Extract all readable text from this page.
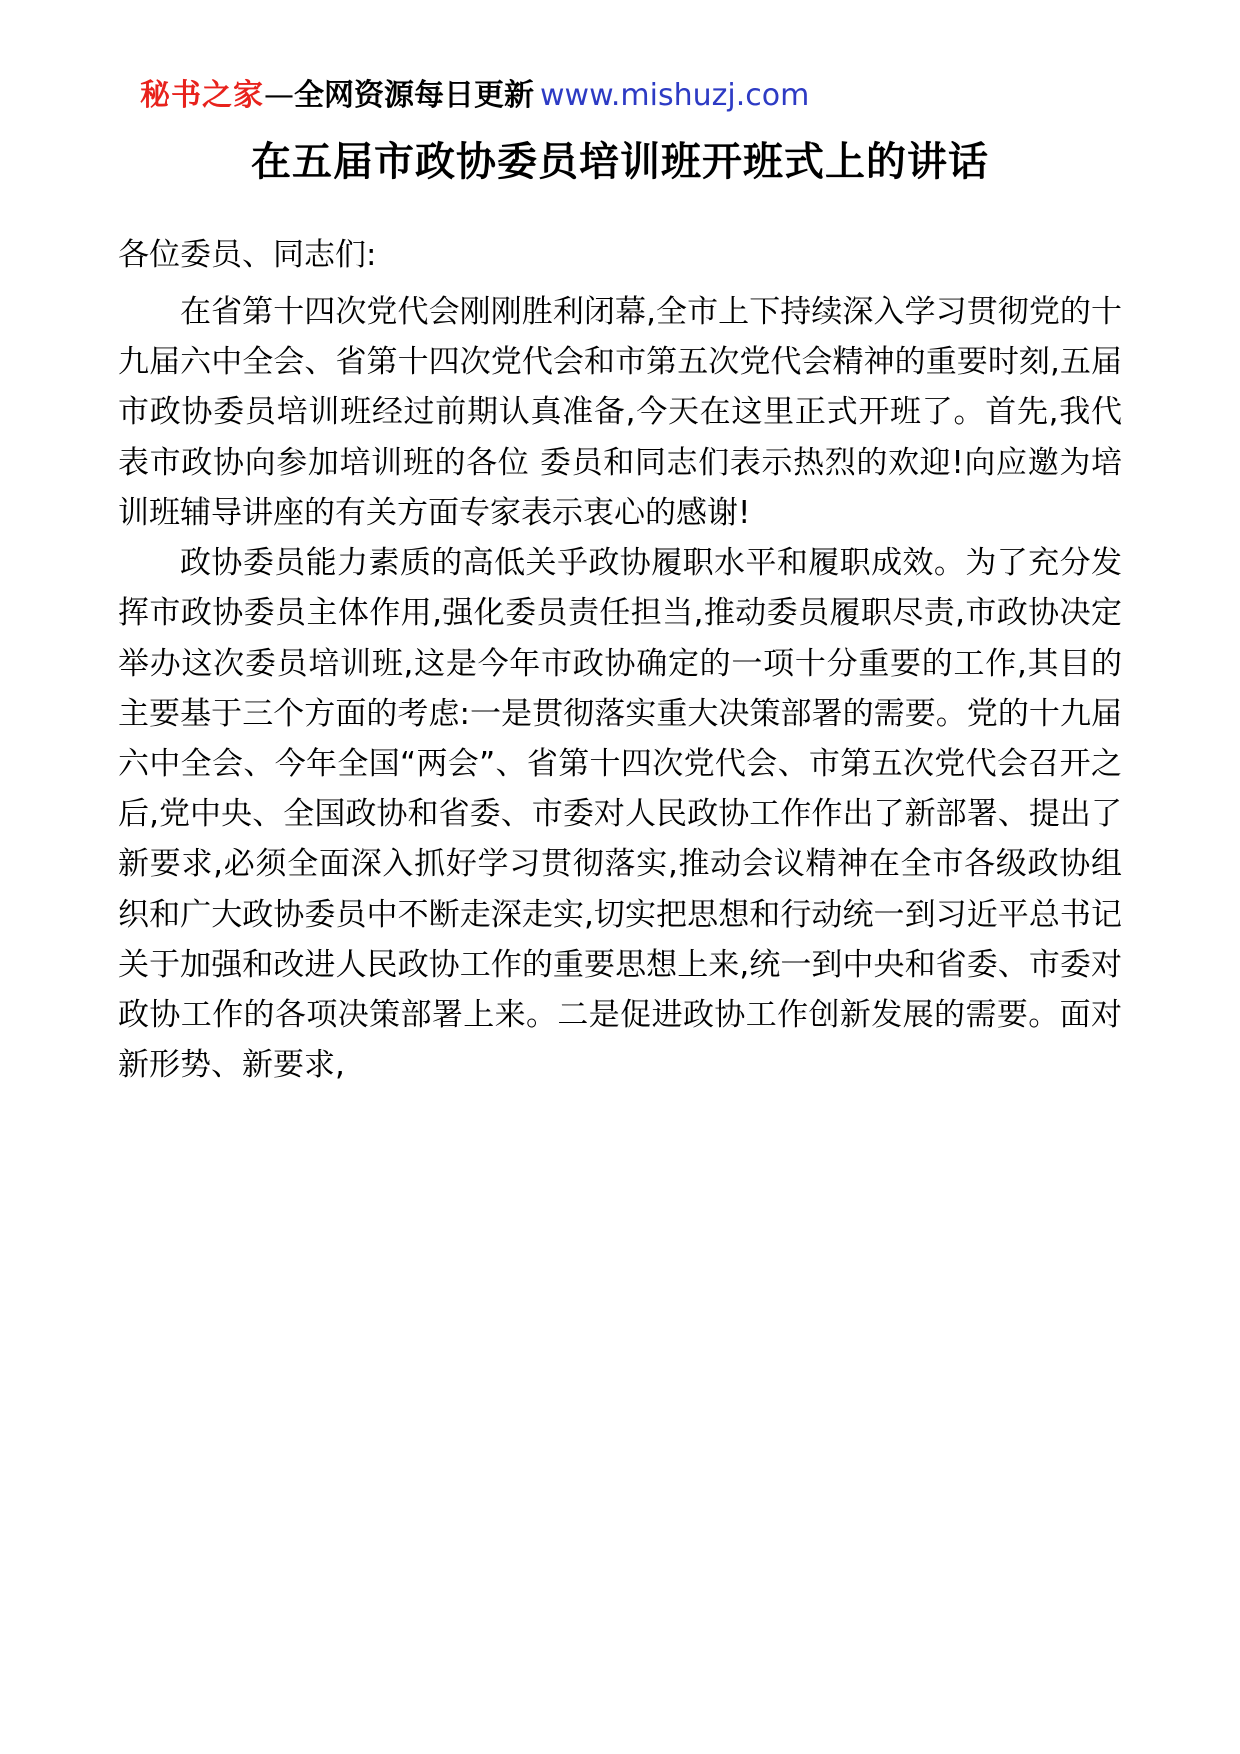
秘书之家—全网资源每日更新 www.mishuzj.com
在五届市政协委员培训班开班式上的讲话

各位委员、同志们:

在省第十四次党代会刚刚胜利闭幕,全市上下持续深入学习贯彻党的十九届六中全会、省第十四次党代会和市第五次党代会精神的重要时刻,五届市政协委员培训班经过前期认真准备,今天在这里正式开班了。首先,我代表市政协向参加培训班的各位 委员和同志们表示热烈的欢迎!向应邀为培训班辅导讲座的有关方面专家表示衷心的感谢!

政协委员能力素质的高低关乎政协履职水平和履职成效。为了充分发挥市政协委员主体作用,强化委员责任担当,推动委员履职尽责,市政协决定举办这次委员培训班,这是今年市政协确定的一项十分重要的工作,其目的主要基于三个方面的考虑:一是贯彻落实重大决策部署的需要。党的十九届六中全会、今年全国“两会”、省第十四次党代会、市第五次党代会召开之后,党中央、全国政协和省委、市委对人民政协工作作出了新部署、提出了新要求,必须全面深入抓好学习贯彻落实,推动会议精神在全市各级政协组织和广大政协委员中不断走深走实,切实把思想和行动统一到习近平总书记关于加强和改进人民政协工作的重要思想上来,统一到中央和省委、市委对政协工作的各项决策部署上来。二是促进政协工作创新发展的需要。面对新形势、新要求,
